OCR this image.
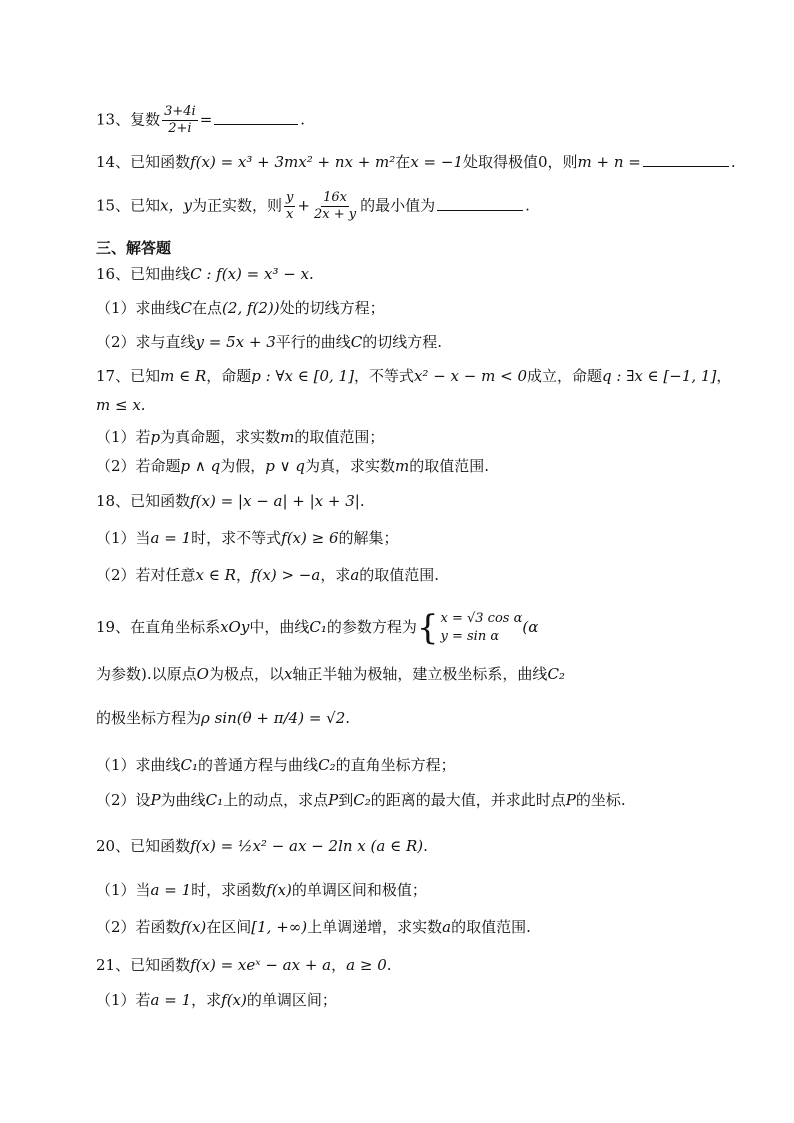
13、复数 $\frac{3+4i}{2+i}$ =	.
14、已知函数f(x) = x³ + 3mx² + nx + m²在x = −1处取得极值0，则m + n =	.
15、已知x，y为正实数，则 $\frac{y}{x} + \frac{16x}{2x + y}$ 的最小值为	.
三、解答题
16、已知曲线C : f(x) = x³ − x.
（1）求曲线C在点(2, f(2))处的切线方程；
（2）求与直线y = 5x + 3平行的曲线C的切线方程.
17、已知m ∈ R，命题p : ∀x ∈ [0, 1]，不等式x² − x − m < 0成立，命题q : ∃x ∈ [−1, 1]，
m ≤ x.
（1）若p为真命题，求实数m的取值范围；
（2）若命题p ∧ q为假，p ∨ q为真，求实数m的取值范围.
18、已知函数f(x) = |x − a| + |x + 3|.
（1）当a = 1时，求不等式f(x) ≥ 6的解集；
（2）若对任意x ∈ R，f(x) > −a，求a的取值范围.
19、在直角坐标系xOy中，曲线C₁的参数方程为 { x = √3 cos α
y = sin α
(α
为参数).以原点O为极点，以x轴正半轴为极轴，建立极坐标系，曲线C₂
的极坐标方程为ρ sin(θ + π/4) = √2.
（1）求曲线C₁的普通方程与曲线C₂的直角坐标方程；
（2）设P为曲线C₁上的动点，求点P到C₂的距离的最大值，并求此时点P的坐标.
20、已知函数f(x) = ½x² − ax − 2ln x (a ∈ R).
（1）当a = 1时，求函数f(x)的单调区间和极值；
（2）若函数f(x)在区间[1, +∞)上单调递增，求实数a的取值范围.
21、已知函数f(x) = xeˣ − ax + a，a ≥ 0.
（1）若a = 1，求f(x)的单调区间；
